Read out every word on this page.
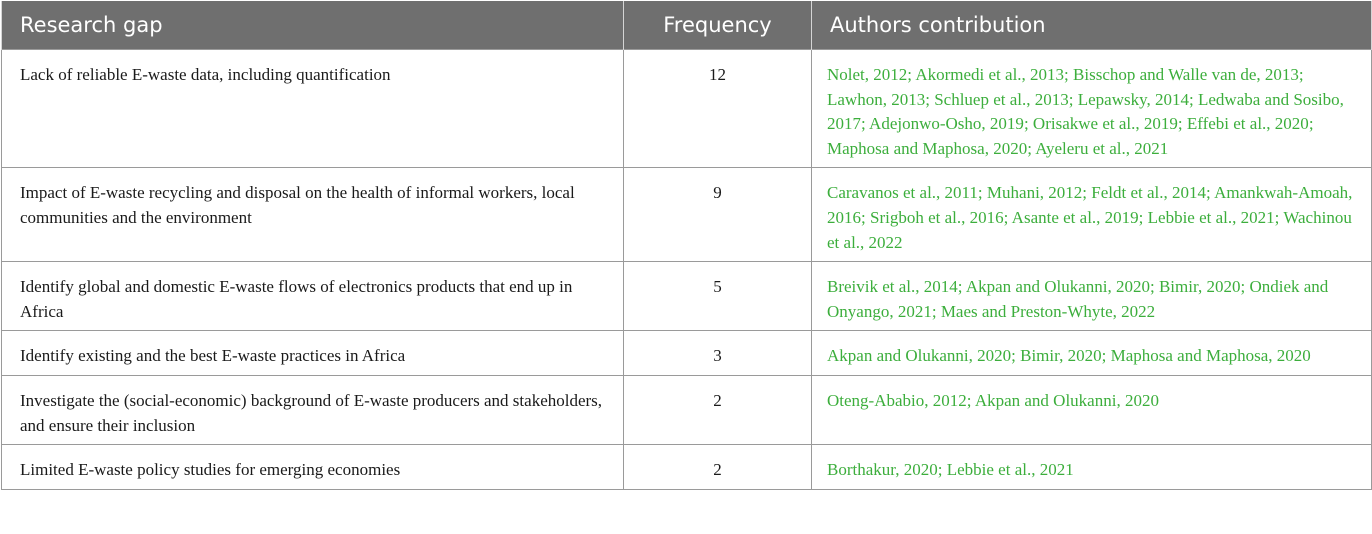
Research gap	Frequency	Authors contribution
Lack of reliable E-waste data, including quantification	12	Nolet, 2012; Akormedi et al., 2013; Bisschop and Walle van de, 2013; Lawhon, 2013; Schluep et al., 2013; Lepawsky, 2014; Ledwaba and Sosibo, 2017; Adejonwo-Osho, 2019; Orisakwe et al., 2019; Effebi et al., 2020; Maphosa and Maphosa, 2020; Ayeleru et al., 2021
Impact of E-waste recycling and disposal on the health of informal workers, local communities and the environment	9	Caravanos et al., 2011; Muhani, 2012; Feldt et al., 2014; Amankwah-Amoah, 2016; Srigboh et al., 2016; Asante et al., 2019; Lebbie et al., 2021; Wachinou et al., 2022
Identify global and domestic E-waste flows of electronics products that end up in Africa	5	Breivik et al., 2014; Akpan and Olukanni, 2020; Bimir, 2020; Ondiek and Onyango, 2021; Maes and Preston-Whyte, 2022
Identify existing and the best E-waste practices in Africa	3	Akpan and Olukanni, 2020; Bimir, 2020; Maphosa and Maphosa, 2020
Investigate the (social-economic) background of E-waste producers and stakeholders, and ensure their inclusion	2	Oteng-Ababio, 2012; Akpan and Olukanni, 2020
Limited E-waste policy studies for emerging economies	2	Borthakur, 2020; Lebbie et al., 2021
